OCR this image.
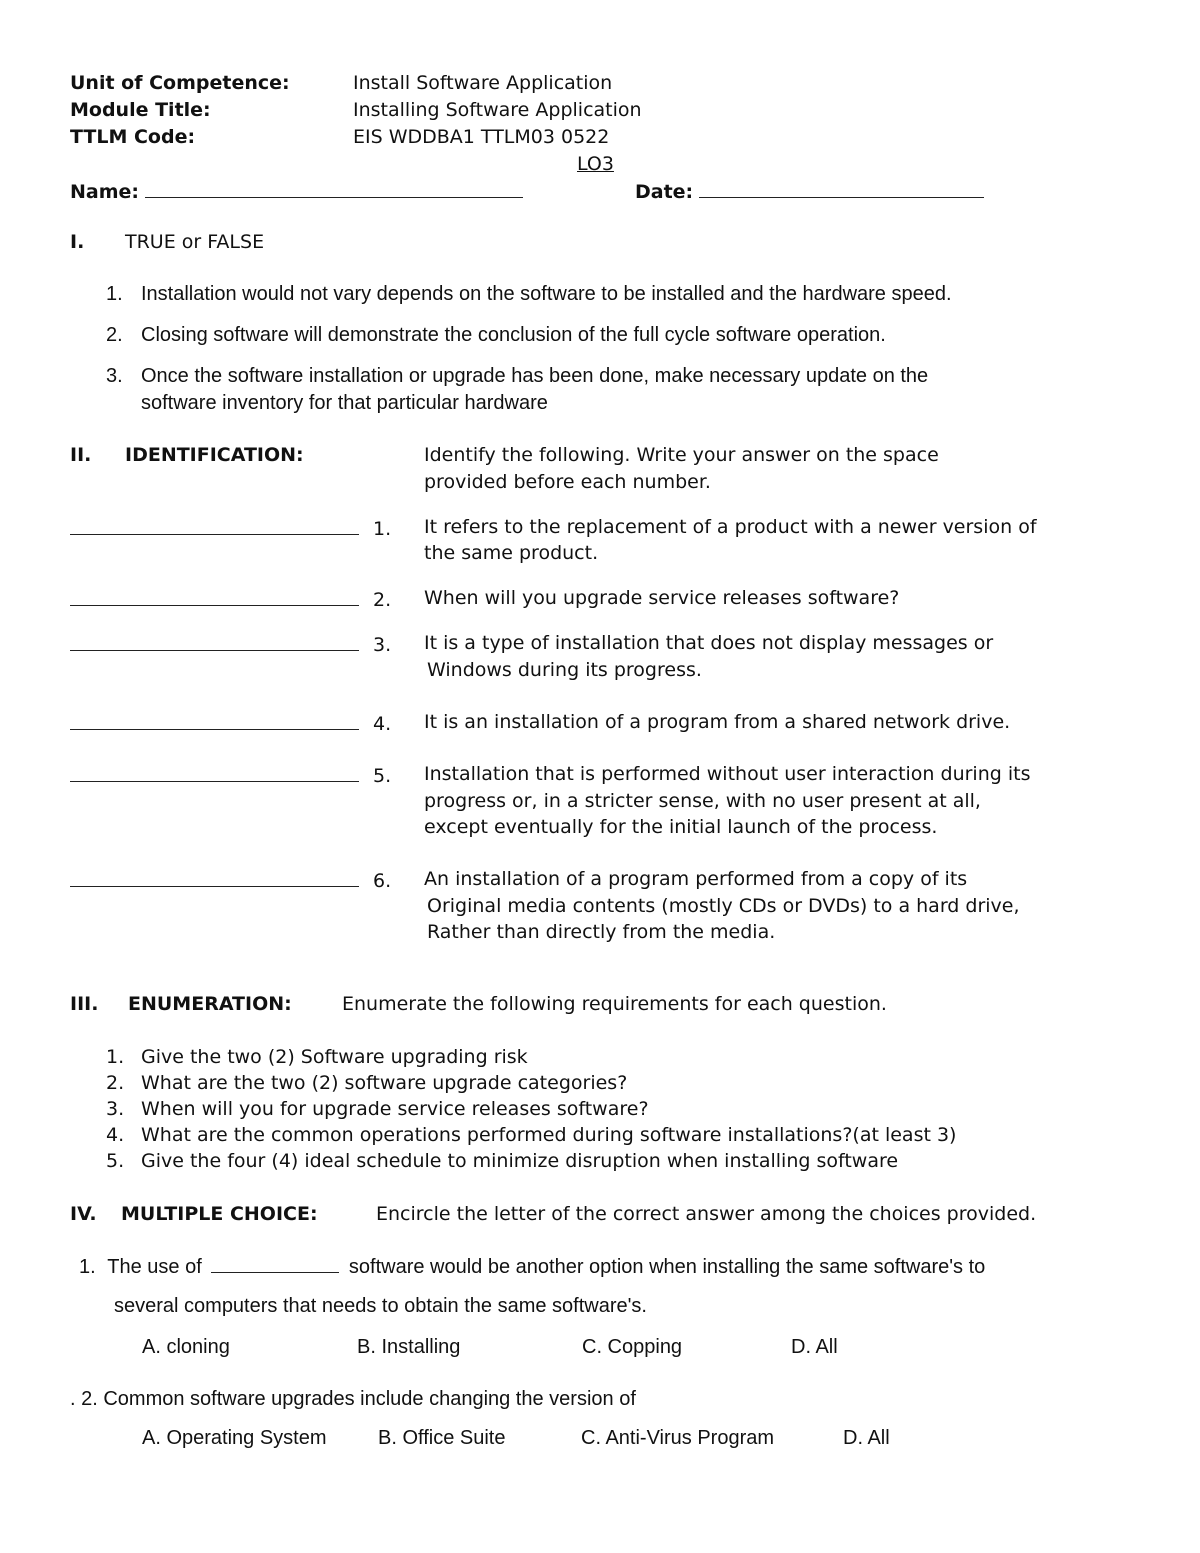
Unit of Competence:	Install Software Application
Module Title:	Installing Software Application
TTLM Code:	EIS WDDBA1 TTLM03 0522
LO3
Name:	Date:
I. TRUE or FALSE
1. Installation would not vary depends on the software to be installed and the hardware speed.
2. Closing software will demonstrate the conclusion of the full cycle software operation.
3. Once the software installation or upgrade has been done, make necessary update on the
software inventory for that particular hardware
II. IDENTIFICATION:	Identify the following. Write your answer on the space
provided before each number.
1. It refers to the replacement of a product with a newer version of
the same product.
2. When will you upgrade service releases software?
3. It is a type of installation that does not display messages or
Windows during its progress.
4. It is an installation of a program from a shared network drive.
5. Installation that is performed without user interaction during its
progress or, in a stricter sense, with no user present at all,
except eventually for the initial launch of the process.
6. An installation of a program performed from a copy of its
Original media contents (mostly CDs or DVDs) to a hard drive,
Rather than directly from the media.
III. ENUMERATION:	Enumerate the following requirements for each question.
1. Give the two (2) Software upgrading risk
2. What are the two (2) software upgrade categories?
3. When will you for upgrade service releases software?
4. What are the common operations performed during software installations?(at least 3)
5. Give the four (4) ideal schedule to minimize disruption when installing software
IV. MULTIPLE CHOICE:	Encircle the letter of the correct answer among the choices provided.
1. The use of	software would be another option when installing the same software's to
several computers that needs to obtain the same software's.
A. cloning	B. Installing	C. Copping	D. All
. 2. Common software upgrades include changing the version of
A. Operating System	B. Office Suite	C. Anti-Virus Program	D. All
